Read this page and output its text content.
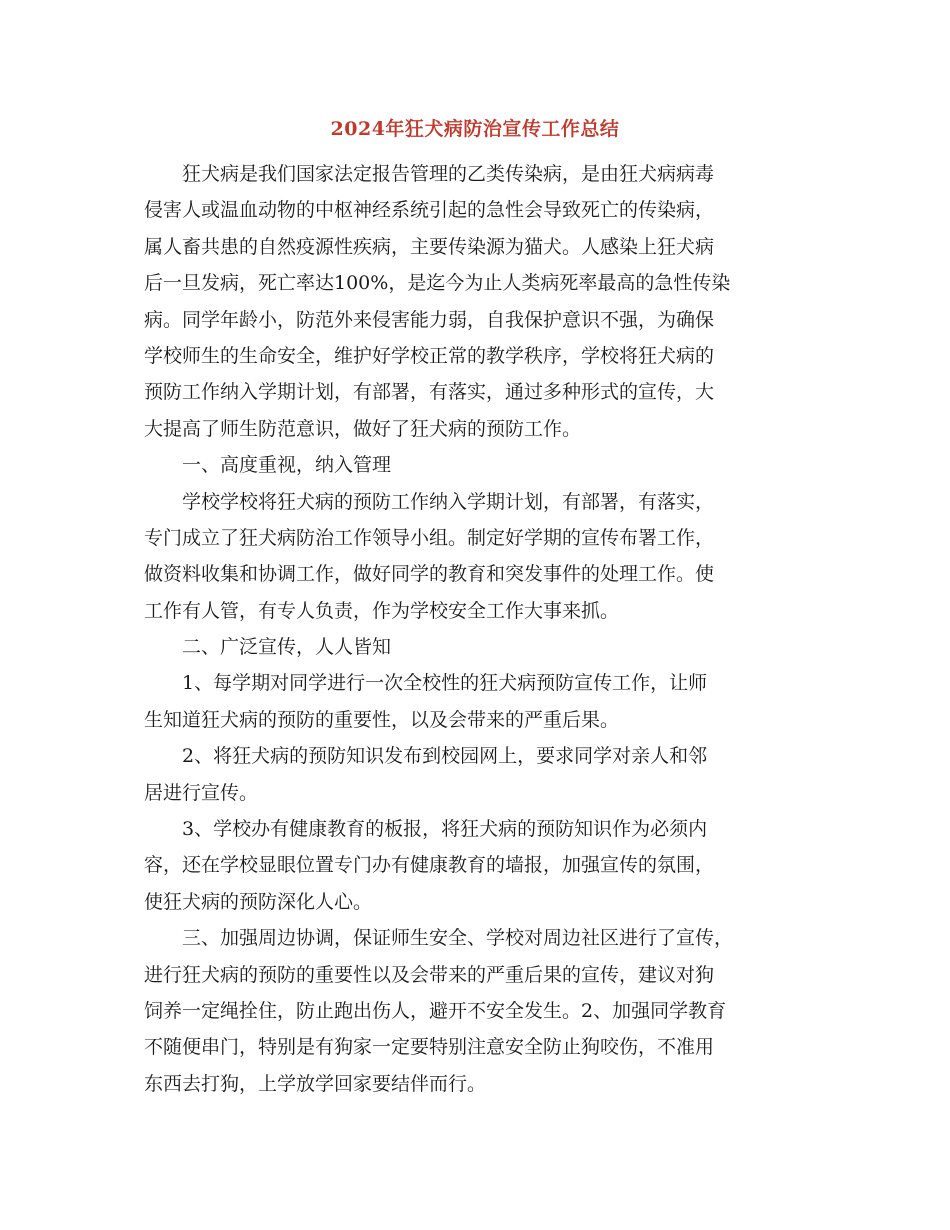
2024年狂犬病防治宣传工作总结
　　狂犬病是我们国家法定报告管理的乙类传染病，是由狂犬病病毒
侵害人或温血动物的中枢神经系统引起的急性会导致死亡的传染病，
属人畜共患的自然疫源性疾病，主要传染源为猫犬。人感染上狂犬病
后一旦发病，死亡率达100%，是迄今为止人类病死率最高的急性传染
病。同学年龄小，防范外来侵害能力弱，自我保护意识不强，为确保
学校师生的生命安全，维护好学校正常的教学秩序，学校将狂犬病的
预防工作纳入学期计划，有部署，有落实，通过多种形式的宣传，大
大提高了师生防范意识，做好了狂犬病的预防工作。
　　一、高度重视，纳入管理
　　学校学校将狂犬病的预防工作纳入学期计划，有部署，有落实，
专门成立了狂犬病防治工作领导小组。制定好学期的宣传布署工作，
做资料收集和协调工作，做好同学的教育和突发事件的处理工作。使
工作有人管，有专人负责，作为学校安全工作大事来抓。
　　二、广泛宣传，人人皆知
　　1、每学期对同学进行一次全校性的狂犬病预防宣传工作，让师
生知道狂犬病的预防的重要性，以及会带来的严重后果。
　　2、将狂犬病的预防知识发布到校园网上，要求同学对亲人和邻
居进行宣传。
　　3、学校办有健康教育的板报，将狂犬病的预防知识作为必须内
容，还在学校显眼位置专门办有健康教育的墙报，加强宣传的氛围，
使狂犬病的预防深化人心。
　　三、加强周边协调，保证师生安全、学校对周边社区进行了宣传，
进行狂犬病的预防的重要性以及会带来的严重后果的宣传，建议对狗
饲养一定绳拴住，防止跑出伤人，避开不安全发生。2、加强同学教育
不随便串门，特别是有狗家一定要特别注意安全防止狗咬伤，不准用
东西去打狗，上学放学回家要结伴而行。
